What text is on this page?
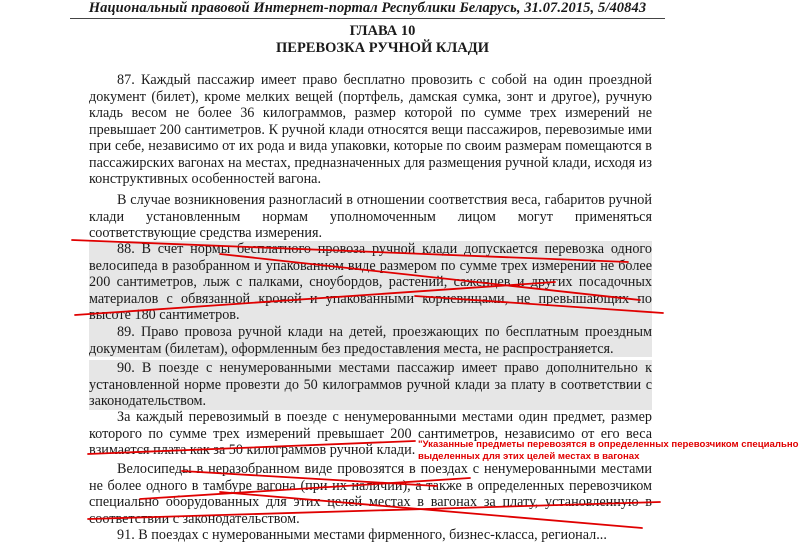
Национальный правовой Интернет-портал Республики Беларусь, 31.07.2015, 5/40843
ГЛАВА 10
ПЕРЕВОЗКА РУЧНОЙ КЛАДИ

87. Каждый пассажир имеет право бесплатно провозить с собой на один проездной документ (билет), кроме мелких вещей (портфель, дамская сумка, зонт и другое), ручную кладь весом не более 36 килограммов, размер которой по сумме трех измерений не превышает 200 сантиметров. К ручной клади относятся вещи пассажиров, перевозимые ими при себе, независимо от их рода и вида упаковки, которые по своим размерам помещаются в пассажирских вагонах на местах, предназначенных для размещения ручной клади, исходя из конструктивных особенностей вагона.

В случае возникновения разногласий в отношении соответствия веса, габаритов ручной клади установленным нормам уполномоченным лицом могут применяться соответствующие средства измерения.

88. В счет нормы бесплатного провоза ручной клади допускается перевозка одного велосипеда в разобранном и упакованном виде размером по сумме трех измерений не более 200 сантиметров, лыж с палками, сноубордов, растений, саженцев и других посадочных материалов с обвязанной кроной и упакованными корневищами, не превышающих по высоте 180 сантиметров.

89. Право провоза ручной клади на детей, проезжающих по бесплатным проездным документам (билетам), оформленным без предоставления места, не распространяется.

90. В поезде с ненумерованными местами пассажир имеет право дополнительно к установленной норме провезти до 50 килограммов ручной клади за плату в соответствии с законодательством.

За каждый перевозимый в поезде с ненумерованными местами один предмет, размер которого по сумме трех измерений превышает 200 сантиметров, независимо от его веса взимается плата как за 50 килограммов ручной клади.

Велосипеды в неразобранном виде провозятся в поездах с ненумерованными местами не более одного в тамбуре вагона (при их наличии), а также в определенных перевозчиком специально оборудованных для этих целей местах в вагонах за плату, установленную в соответствии с законодательством.

91. В поездах с нумерованными местами фирменного, бизнес-класса, регионал...

"Указанные предметы перевозятся в определенных перевозчиком специально выделенных для этих целей местах в вагонах
